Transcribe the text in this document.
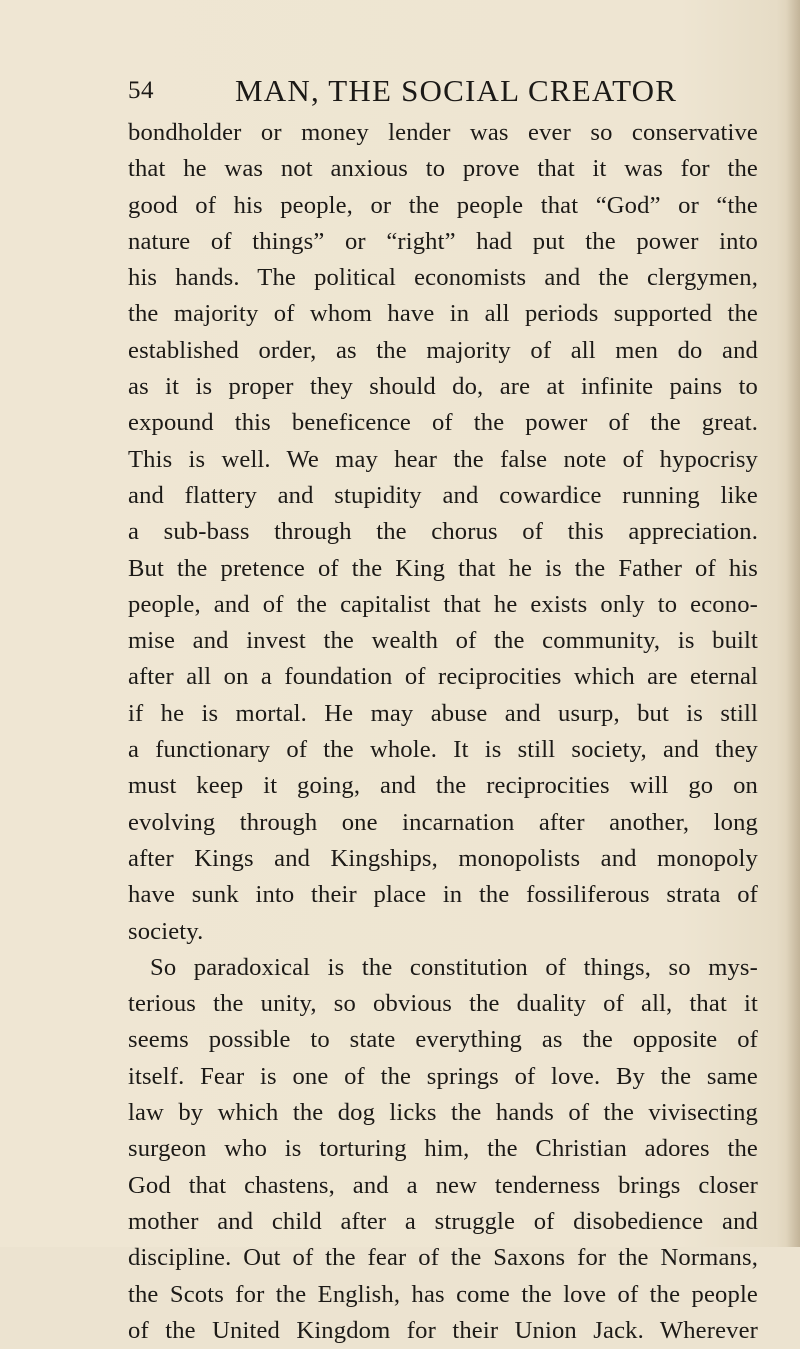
54	MAN, THE SOCIAL CREATOR
bondholder or money lender was ever so conservative
that he was not anxious to prove that it was for the
good of his people, or the people that “God” or “the
nature of things” or “right” had put the power into
his hands. The political economists and the clergymen,
the majority of whom have in all periods supported the
established order, as the majority of all men do and
as it is proper they should do, are at infinite pains to
expound this beneficence of the power of the great.
This is well. We may hear the false note of hypocrisy
and flattery and stupidity and cowardice running like
a sub-bass through the chorus of this appreciation.
But the pretence of the King that he is the Father of his
people, and of the capitalist that he exists only to econo-
mise and invest the wealth of the community, is built
after all on a foundation of reciprocities which are eternal
if he is mortal. He may abuse and usurp, but is still
a functionary of the whole. It is still society, and they
must keep it going, and the reciprocities will go on
evolving through one incarnation after another, long
after Kings and Kingships, monopolists and monopoly
have sunk into their place in the fossiliferous strata of
society.
So paradoxical is the constitution of things, so mys-
terious the unity, so obvious the duality of all, that it
seems possible to state everything as the opposite of
itself. Fear is one of the springs of love. By the same
law by which the dog licks the hands of the vivisecting
surgeon who is torturing him, the Christian adores the
God that chastens, and a new tenderness brings closer
mother and child after a struggle of disobedience and
discipline. Out of the fear of the Saxons for the Normans,
the Scots for the English, has come the love of the people
of the United Kingdom for their Union Jack. Wherever
